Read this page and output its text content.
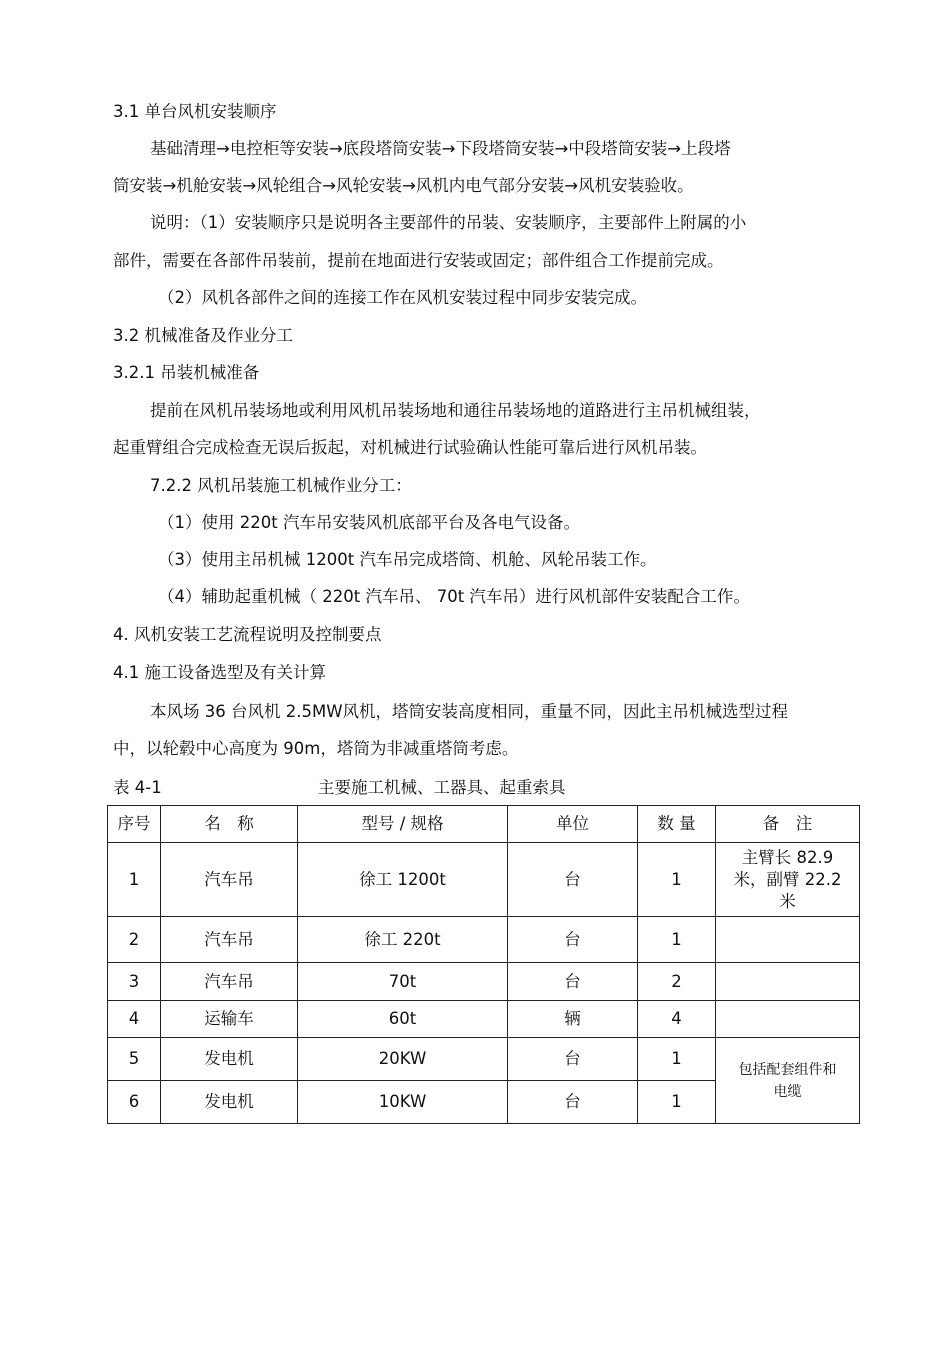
3.1 单台风机安装顺序
基础清理→电控柜等安装→底段塔筒安装→下段塔筒安装→中段塔筒安装→上段塔
筒安装→机舱安装→风轮组合→风轮安装→风机内电气部分安装→风机安装验收。
说明：（1）安装顺序只是说明各主要部件的吊装、安装顺序，主要部件上附属的小
部件，需要在各部件吊装前，提前在地面进行安装或固定；部件组合工作提前完成。
（2）风机各部件之间的连接工作在风机安装过程中同步安装完成。
3.2 机械准备及作业分工
3.2.1 吊装机械准备
提前在风机吊装场地或利用风机吊装场地和通往吊装场地的道路进行主吊机械组装，
起重臂组合完成检查无误后扳起，对机械进行试验确认性能可靠后进行风机吊装。
7.2.2 风机吊装施工机械作业分工：
（1）使用 220t 汽车吊安装风机底部平台及各电气设备。
（3）使用主吊机械 1200t 汽车吊完成塔筒、机舱、风轮吊装工作。
（4）辅助起重机械（ 220t 汽车吊、 70t 汽车吊）进行风机部件安装配合工作。
4. 风机安装工艺流程说明及控制要点
4.1 施工设备选型及有关计算
本风场 36 台风机 2.5MW风机，塔筒安装高度相同，重量不同，因此主吊机械选型过程
中，以轮毂中心高度为 90m，塔筒为非减重塔筒考虑。
表 4-1	主要施工机械、工器具、起重索具
序号	名　称	型号 / 规格	单位	数 量	备　注
1	汽车吊	徐工 1200t	台	1	主臂长 82.9
米，副臂 22.2
米

2	汽车吊	徐工 220t	台	1	
3	汽车吊	70t	台	2	
4	运输车	60t	辆	4	
5	发电机	20KW	台	1	包括配套组件和
电缆

6	发电机	10KW	台	1	
